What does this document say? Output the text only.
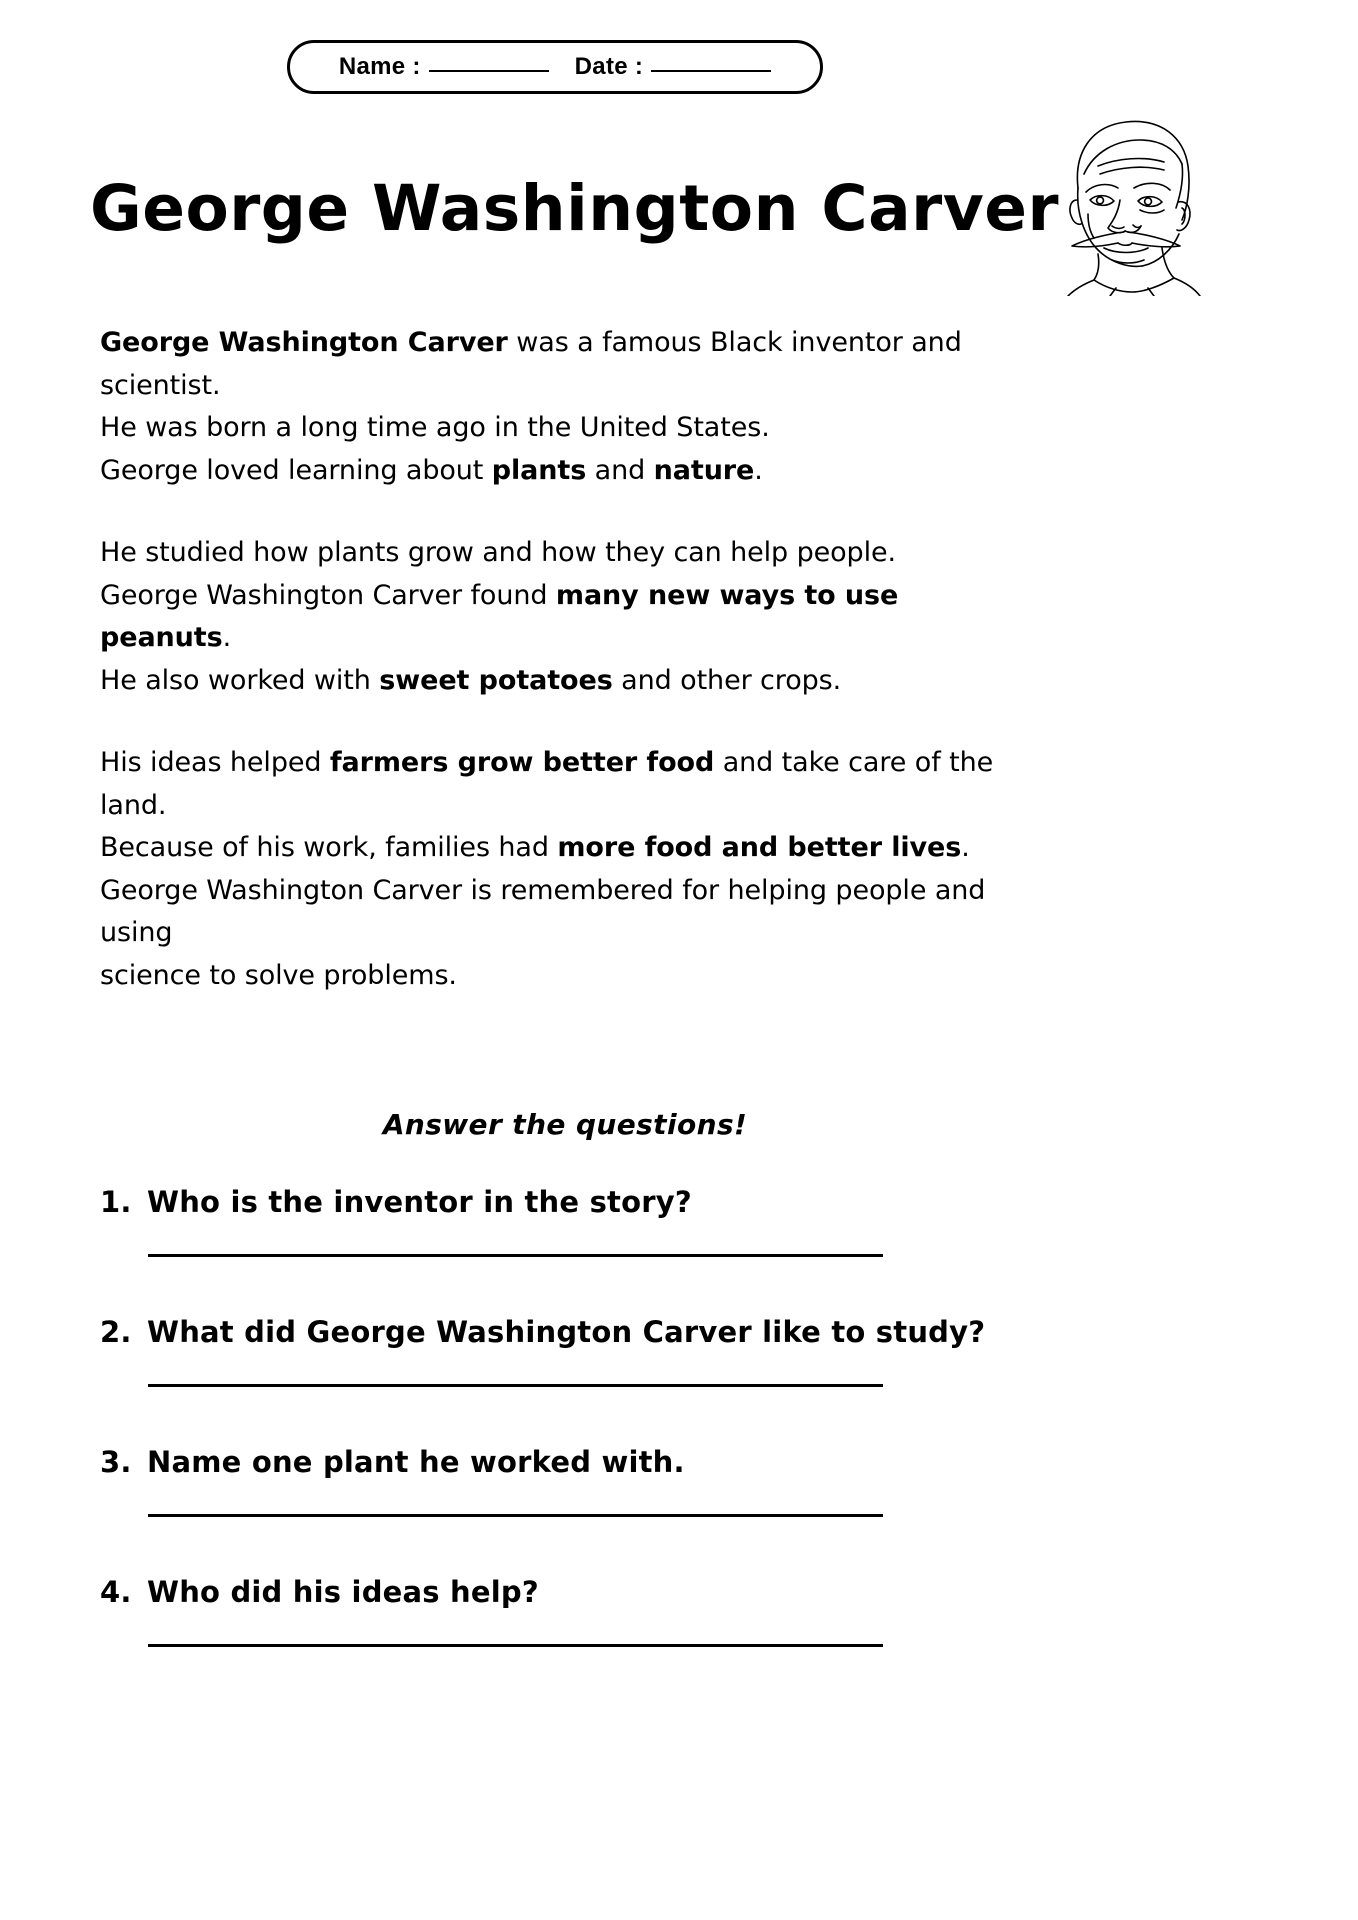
Name :	Date :
George Washington Carver

George Washington Carver was a famous Black inventor and scientist.
He was born a long time ago in the United States.
George loved learning about plants and nature.

He studied how plants grow and how they can help people.
George Washington Carver found many new ways to use peanuts.
He also worked with sweet potatoes and other crops.

His ideas helped farmers grow better food and take care of the land.
Because of his work, families had more food and better lives.
George Washington Carver is remembered for helping people and using
science to solve problems.

Answer the questions!
1. Who is the inventor in the story?
2. What did George Washington Carver like to study?
3. Name one plant he worked with.
4. Who did his ideas help?
